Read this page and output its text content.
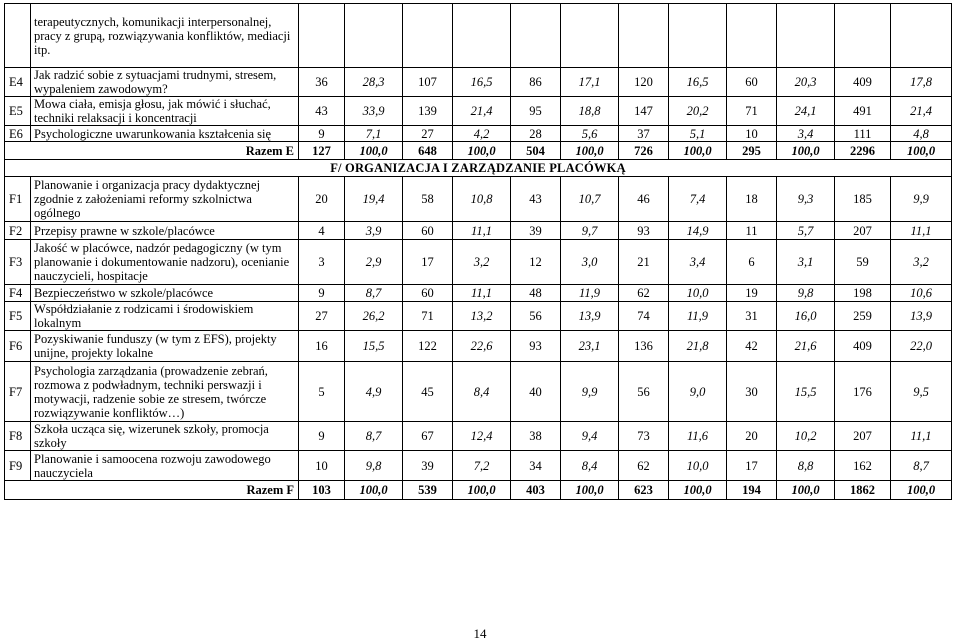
	terapeutycznych, komunikacji interpersonalnej, pracy z grupą, rozwiązywania konfliktów, mediacji itp.												
E4	Jak radzić sobie z sytuacjami trudnymi, stresem, wypaleniem zawodowym?	36	28,3	107	16,5	86	17,1	120	16,5	60	20,3	409	17,8
E5	Mowa ciała, emisja głosu, jak mówić i słuchać, techniki relaksacji i koncentracji	43	33,9	139	21,4	95	18,8	147	20,2	71	24,1	491	21,4
E6	Psychologiczne uwarunkowania kształcenia się	9	7,1	27	4,2	28	5,6	37	5,1	10	3,4	111	4,8
Razem E		127	100,0	648	100,0	504	100,0	726	100,0	295	100,0	2296	100,0
F/ ORGANIZACJA I ZARZĄDZANIE PLACÓWKĄ													
F1	Planowanie i organizacja pracy dydaktycznej zgodnie z założeniami reformy szkolnictwa ogólnego	20	19,4	58	10,8	43	10,7	46	7,4	18	9,3	185	9,9
F2	Przepisy prawne w szkole/placówce	4	3,9	60	11,1	39	9,7	93	14,9	11	5,7	207	11,1
F3	Jakość w placówce, nadzór pedagogiczny (w tym planowanie i dokumentowanie nadzoru), ocenianie nauczycieli, hospitacje	3	2,9	17	3,2	12	3,0	21	3,4	6	3,1	59	3,2
F4	Bezpieczeństwo w szkole/placówce	9	8,7	60	11,1	48	11,9	62	10,0	19	9,8	198	10,6
F5	Współdziałanie z rodzicami i środowiskiem lokalnym	27	26,2	71	13,2	56	13,9	74	11,9	31	16,0	259	13,9
F6	Pozyskiwanie funduszy (w tym z EFS), projekty unijne, projekty lokalne	16	15,5	122	22,6	93	23,1	136	21,8	42	21,6	409	22,0
F7	Psychologia zarządzania (prowadzenie zebrań, rozmowa z podwładnym, techniki perswazji i motywacji, radzenie sobie ze stresem, twórcze rozwiązywanie konfliktów…)	5	4,9	45	8,4	40	9,9	56	9,0	30	15,5	176	9,5
F8	Szkoła ucząca się, wizerunek szkoły, promocja szkoły	9	8,7	67	12,4	38	9,4	73	11,6	20	10,2	207	11,1
F9	Planowanie i samoocena rozwoju zawodowego nauczyciela	10	9,8	39	7,2	34	8,4	62	10,0	17	8,8	162	8,7
Razem F		103	100,0	539	100,0	403	100,0	623	100,0	194	100,0	1862	100,0
14
